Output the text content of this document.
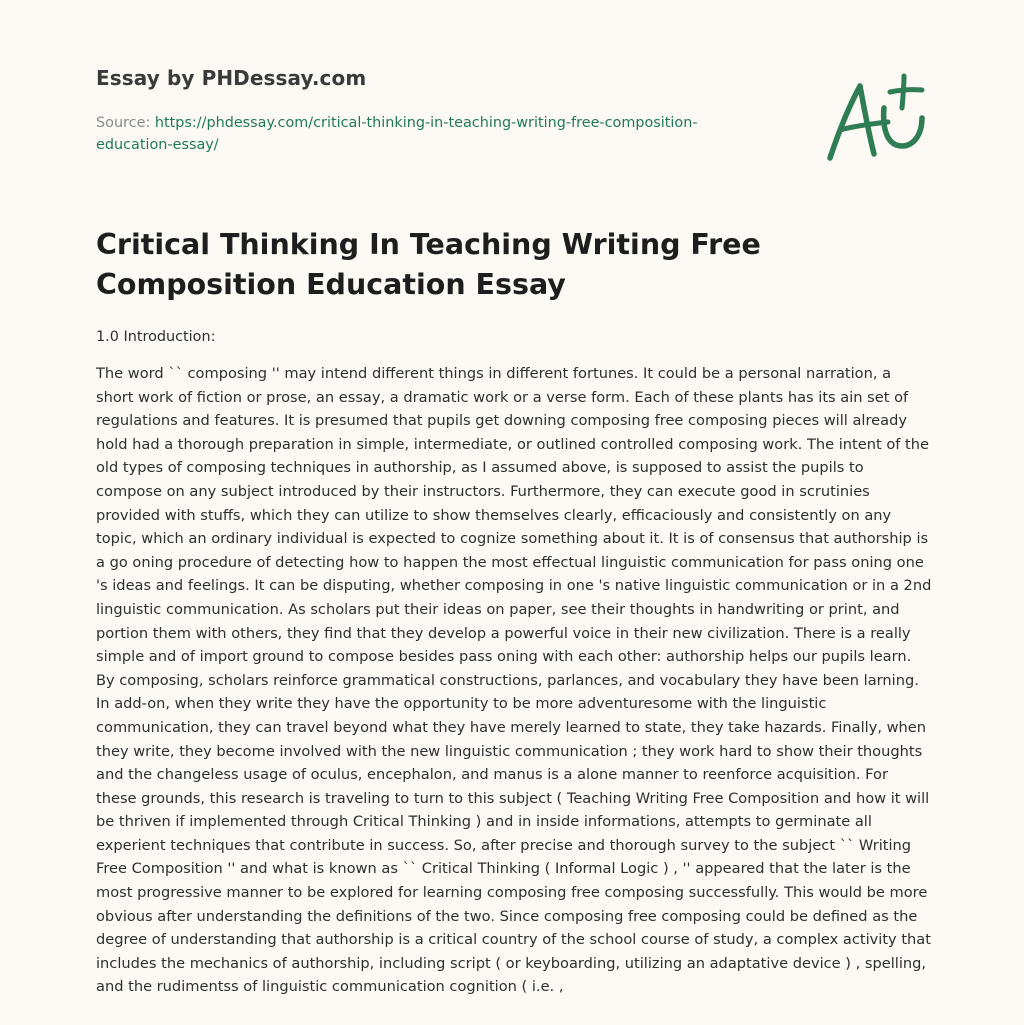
Essay by PHDessay.com
Source: https://phdessay.com/critical-thinking-in-teaching-writing-free-composition-education-essay/
Critical Thinking In Teaching Writing Free Composition Education Essay
1.0 Introduction:

The word `` composing '' may intend different things in different fortunes. It could be a personal narration, a short work of fiction or prose, an essay, a dramatic work or a verse form. Each of these plants has its ain set of regulations and features. It is presumed that pupils get downing composing free composing pieces will already hold had a thorough preparation in simple, intermediate, or outlined controlled composing work. The intent of the old types of composing techniques in authorship, as I assumed above, is supposed to assist the pupils to compose on any subject introduced by their instructors. Furthermore, they can execute good in scrutinies provided with stuffs, which they can utilize to show themselves clearly, efficaciously and consistently on any topic, which an ordinary individual is expected to cognize something about it. It is of consensus that authorship is a go oning procedure of detecting how to happen the most effectual linguistic communication for pass oning one 's ideas and feelings. It can be disputing, whether composing in one 's native linguistic communication or in a 2nd linguistic communication. As scholars put their ideas on paper, see their thoughts in handwriting or print, and portion them with others, they find that they develop a powerful voice in their new civilization. There is a really simple and of import ground to compose besides pass oning with each other: authorship helps our pupils learn. By composing, scholars reinforce grammatical constructions, parlances, and vocabulary they have been larning. In add-on, when they write they have the opportunity to be more adventuresome with the linguistic communication, they can travel beyond what they have merely learned to state, they take hazards. Finally, when they write, they become involved with the new linguistic communication ; they work hard to show their thoughts and the changeless usage of oculus, encephalon, and manus is a alone manner to reenforce acquisition. For these grounds, this research is traveling to turn to this subject ( Teaching Writing Free Composition and how it will be thriven if implemented through Critical Thinking ) and in inside informations, attempts to germinate all experient techniques that contribute in success. So, after precise and thorough survey to the subject `` Writing Free Composition '' and what is known as `` Critical Thinking ( Informal Logic ) , '' appeared that the later is the most progressive manner to be explored for learning composing free composing successfully. This would be more obvious after understanding the definitions of the two. Since composing free composing could be defined as the degree of understanding that authorship is a critical country of the school course of study, a complex activity that includes the mechanics of authorship, including script ( or keyboarding, utilizing an adaptative device ) , spelling, and the rudimentss of linguistic communication cognition ( i.e. ,
